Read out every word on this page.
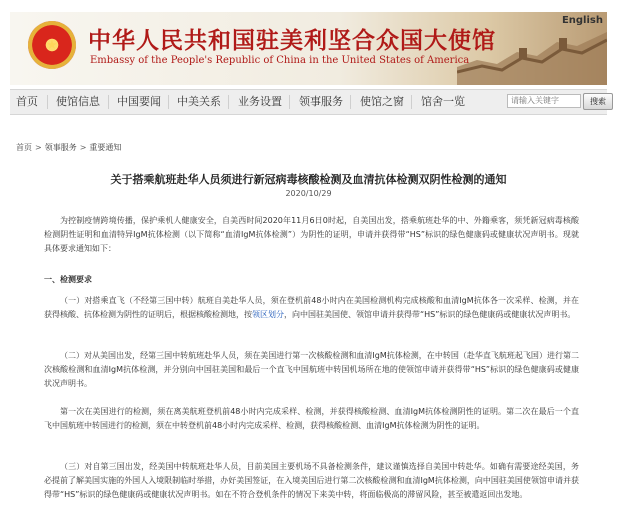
★ 中华人民共和国驻美利坚合众国大使馆
Embassy of the People's Republic of China in the United States of America
English
首页 使馆信息 中国要闻 中美关系 业务设置 领事服务 使馆之窗 馆舍一览
请输入关键字	搜索
首页 > 领事服务 > 重要通知
关于搭乘航班赴华人员须进行新冠病毒核酸检测及血清抗体检测双阴性检测的通知
2020/10/29

为控制疫情跨境传播，保护乘机人健康安全，自美西时间2020年11月6日0时起，自美国出发，搭乘航班赴华的中、外籍乘客，须凭新冠病毒核酸检测阴性证明和血清特异IgM抗体检测（以下简称“血清IgM抗体检测”）为阴性的证明，申请并获得带“HS”标识的绿色健康码或健康状况声明书。现就具体要求通知如下：

一、检测要求

（一）对搭乘直飞（不经第三国中转）航班自美赴华人员，须在登机前48小时内在美国检测机构完成核酸和血清IgM抗体各一次采样、检测，并在获得核酸、抗体检测为阴性的证明后，根据核酸检测地，按领区划分，向中国驻美国使、领馆申请并获得带“HS”标识的绿色健康码或健康状况声明书。

（二）对从美国出发，经第三国中转航班赴华人员，须在美国进行第一次核酸检测和血清IgM抗体检测，在中转国（赴华直飞航班起飞国）进行第二次核酸检测和血清IgM抗体检测，并分别向中国驻美国和最后一个直飞中国航班中转国机场所在地的使领馆申请并获得带“HS”标识的绿色健康码或健康状况声明书。

第一次在美国进行的检测，须在离美航班登机前48小时内完成采样、检测，并获得核酸检测、血清IgM抗体检测阴性的证明。第二次在最后一个直飞中国航班中转国进行的检测，须在中转登机前48小时内完成采样、检测，获得核酸检测、血清IgM抗体检测为阴性的证明。

（三）对自第三国出发，经美国中转航班赴华人员，目前美国主要机场不具备检测条件，建议谨慎选择自美国中转赴华。如确有需要途经美国，务必提前了解美国实施的外国人入境限制临时举措，办好美国签证，在入境美国后进行第二次核酸检测和血清IgM抗体检测，向中国驻美国使领馆申请并获得带“HS”标识的绿色健康码或健康状况声明书。如在不符合登机条件的情况下来美中转，将面临极高的滞留风险，甚至被遣返回出发地。
